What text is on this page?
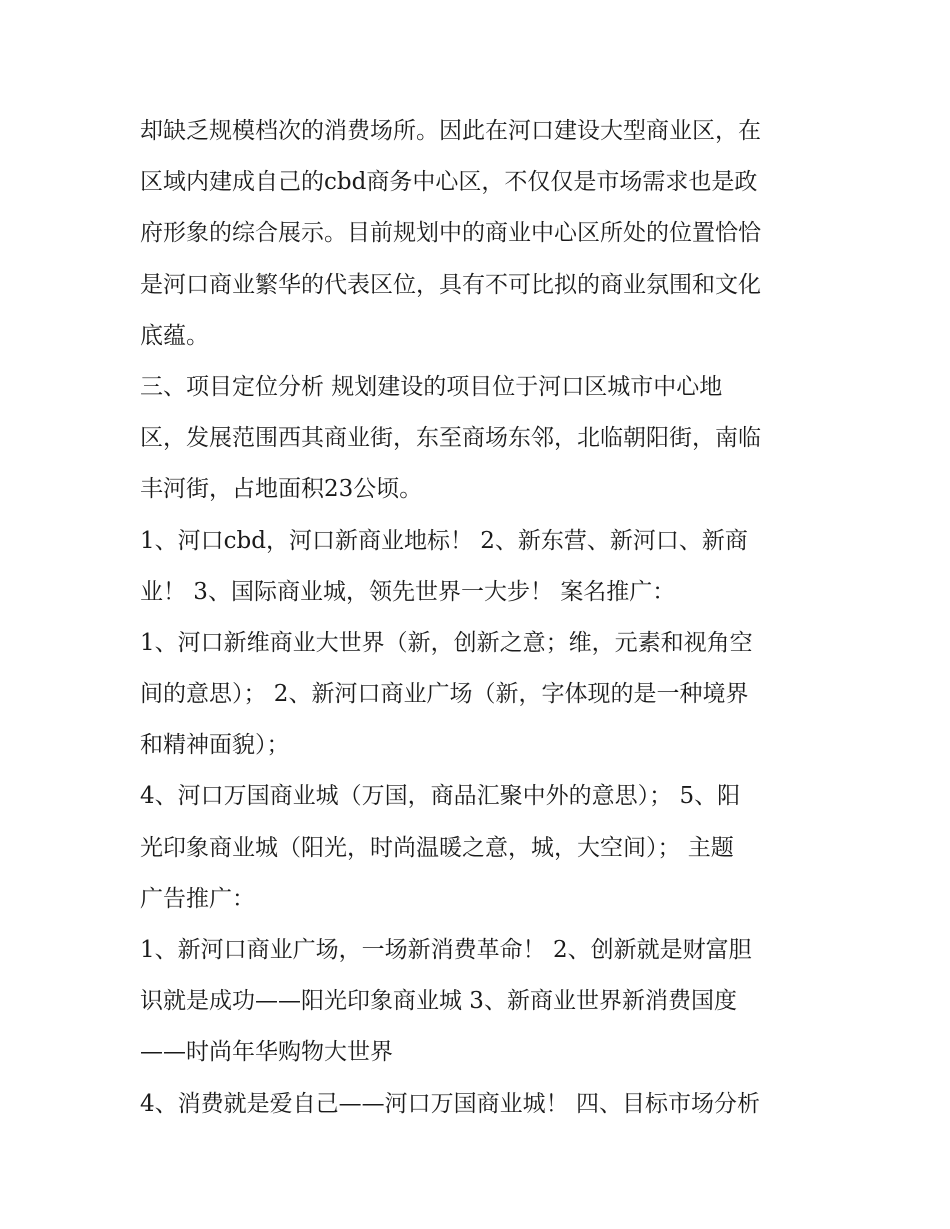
却缺乏规模档次的消费场所。因此在河口建设大型商业区，在
区域内建成自己的cbd商务中心区，不仅仅是市场需求也是政
府形象的综合展示。目前规划中的商业中心区所处的位置恰恰
是河口商业繁华的代表区位，具有不可比拟的商业氛围和文化
底蕴。
三、项目定位分析 规划建设的项目位于河口区城市中心地
区，发展范围西其商业街，东至商场东邻，北临朝阳街，南临
丰河街，占地面积23公顷。
1、河口cbd，河口新商业地标！ 2、新东营、新河口、新商
业！ 3、国际商业城，领先世界一大步！ 案名推广：
1、河口新维商业大世界（新，创新之意；维，元素和视角空
间的意思）； 2、新河口商业广场（新，字体现的是一种境界
和精神面貌）；
4、河口万国商业城（万国，商品汇聚中外的意思）； 5、阳
光印象商业城（阳光，时尚温暖之意，城，大空间）； 主题
广告推广：
1、新河口商业广场，一场新消费革命！ 2、创新就是财富胆
识就是成功——阳光印象商业城 3、新商业世界新消费国度
——时尚年华购物大世界
4、消费就是爱自己——河口万国商业城！ 四、目标市场分析
